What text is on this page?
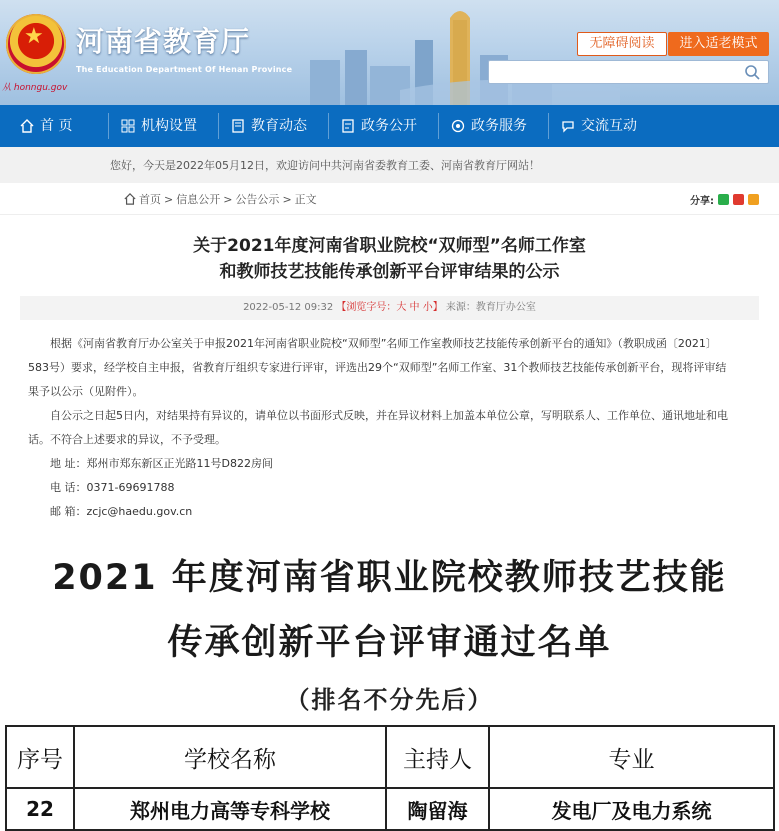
★
从 honngu.gov
河南省教育厅
The Education Department Of Henan Province
无障碍阅读	进入适老模式
首 页	机构设置	教育动态	政务公开	政务服务	交流互动
您好，今天是2022年05月12日，欢迎访问中共河南省委教育工委、河南省教育厅网站！
首页 > 信息公开 > 公告公示 > 正文	分享:
关于2021年度河南省职业院校“双师型”名师工作室
和教师技艺技能传承创新平台评审结果的公示
2022-05-12 09:32 【浏览字号：大 中 小】 来源：教育厅办公室
根据《河南省教育厅办公室关于申报2021年河南省职业院校“双师型”名师工作室教师技艺技能传承创新平台的通知》（教职成函〔2021〕
583号）要求，经学校自主申报，省教育厅组织专家进行评审，评选出29个“双师型”名师工作室、31个教师技艺技能传承创新平台，现将评审结
果予以公示（见附件）。
自公示之日起5日内，对结果持有异议的，请单位以书面形式反映，并在异议材料上加盖本单位公章，写明联系人、工作单位、通讯地址和电
话。不符合上述要求的异议，不予受理。
地 址：郑州市郑东新区正光路11号D822房间
电 话：0371-69691788
邮 箱：zcjc@haedu.gov.cn
2021 年度河南省职业院校教师技艺技能
传承创新平台评审通过名单
（排名不分先后）
序号	学校名称	主持人	专业
22	郑州电力高等专科学校	陶留海	发电厂及电力系统
